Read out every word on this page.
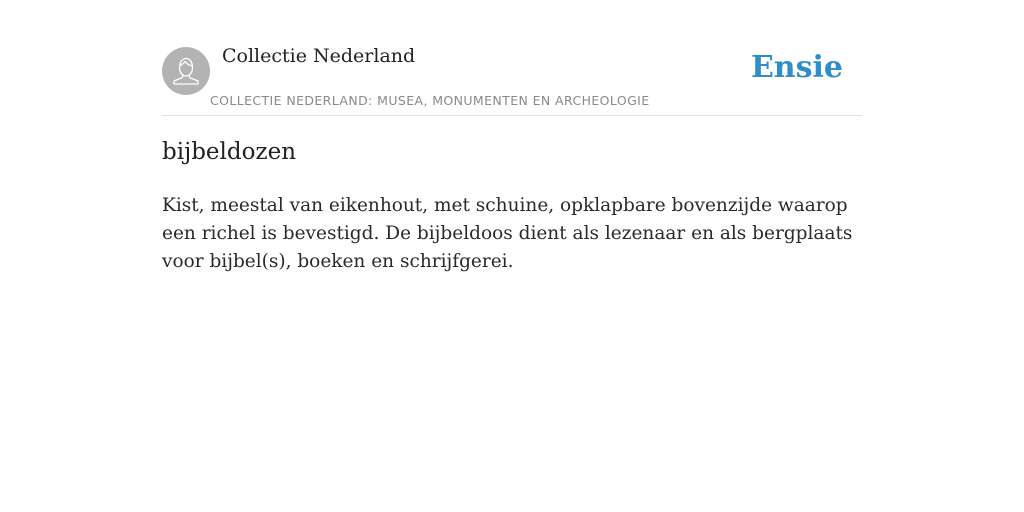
Collectie Nederland
COLLECTIE NEDERLAND: MUSEA, MONUMENTEN EN ARCHEOLOGIE
Ensie
bijbeldozen

Kist, meestal van eikenhout, met schuine, opklapbare bovenzijde waarop een richel is bevestigd. De bijbeldoos dient als lezenaar en als bergplaats voor bijbel(s), boeken en schrijfgerei.
